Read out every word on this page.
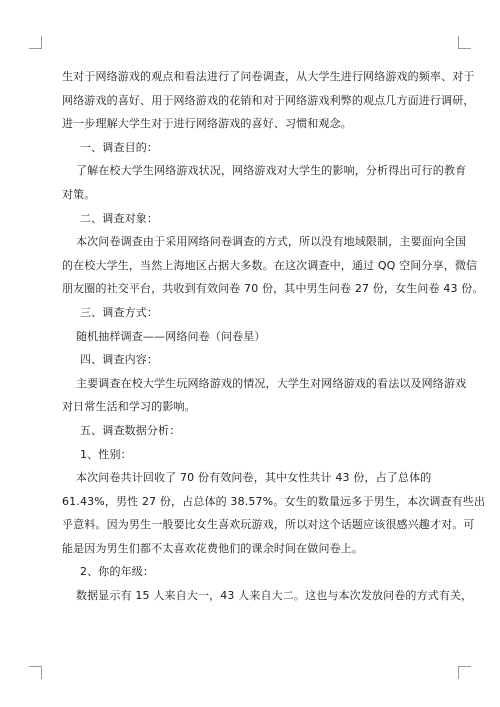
生对于网络游戏的观点和看法进行了问卷调查，从大学生进行网络游戏的频率、对于

网络游戏的喜好、用于网络游戏的花销和对于网络游戏利弊的观点几方面进行调研，

进一步理解大学生对于进行网络游戏的喜好、习惯和观念。

一、调查目的：

了解在校大学生网络游戏状况，网络游戏对大学生的影响，分析得出可行的教育

对策。

二、调查对象：

本次问卷调查由于采用网络问卷调查的方式，所以没有地域限制，主要面向全国

的在校大学生，当然上海地区占据大多数。在这次调查中，通过 QQ 空间分享，微信

朋友圈的社交平台，共收到有效问卷 70 份，其中男生问卷 27 份，女生问卷 43 份。

三、调查方式：

随机抽样调查——网络问卷（问卷星）

四、调查内容：

主要调查在校大学生玩网络游戏的情况，大学生对网络游戏的看法以及网络游戏

对日常生活和学习的影响。

五、调查数据分析：

1、性别：

本次问卷共计回收了 70 份有效问卷，其中女性共计 43 份，占了总体的

61.43%，男性 27 份，占总体的 38.57%。女生的数量远多于男生，本次调查有些出

乎意料。因为男生一般要比女生喜欢玩游戏，所以对这个话题应该很感兴趣才对。可

能是因为男生们都不太喜欢花费他们的课余时间在做问卷上。

2、你的年级：

数据显示有 15 人来自大一，43 人来自大二。这也与本次发放问卷的方式有关，
